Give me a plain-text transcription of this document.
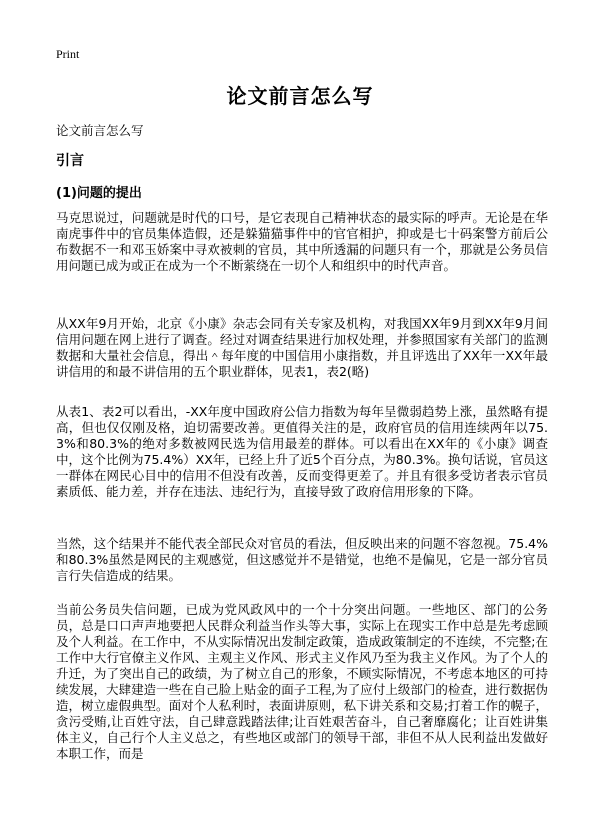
Print
论文前言怎么写
论文前言怎么写
引言
(1)问题的提出

马克思说过，问题就是时代的口号，是它表现自己精神状态的最实际的呼声。无论是在华南虎事件中的官员集体造假，还是躲猫猫事件中的官官相护，抑或是七十码案警方前后公布数据不一和邓玉娇案中寻欢被刺的官员，其中所透漏的问题只有一个，那就是公务员信用问题已成为或正在成为一个不断萦绕在一切个人和组织中的时代声音。

从XX年9月开始，北京《小康》杂志会同有关专家及机构，对我国XX年9月到XX年9月间信用问题在网上进行了调查。经过对调查结果进行加权处理，并参照国家有关部门的监测数据和大量社会信息，得出＾每年度的中国信用小康指数，并且评选出了XX年一XX年最讲信用的和最不讲信用的五个职业群体，见表1，表2(略)

从表1、表2可以看出，-XX年度中国政府公信力指数为每年呈微弱趋势上涨，虽然略有提高，但也仅仅刚及格，迫切需要改善。更值得关注的是，政府官员的信用连续两年以75.3%和80.3%的绝对多数被网民选为信用最差的群体。可以看出在XX年的《小康》调查中，这个比例为75.4%）XX年，已经上升了近5个百分点，为80.3%。换句话说，官员这一群体在网民心目中的信用不但没有改善，反而变得更差了。并且有很多受访者表示官员素质低、能力差，并存在违法、违纪行为，直接导致了政府信用形象的下降。

当然，这个结果并不能代表全部民众对官员的看法，但反映出来的问题不容忽视。75.4%和80.3%虽然是网民的主观感觉，但这感觉并不是错觉，也绝不是偏见，它是一部分官员言行失信造成的结果。

当前公务员失信问题，已成为党风政风中的一个十分突出问题。一些地区、部门的公务员，总是口口声声地要把人民群众利益当作头等大事，实际上在现实工作中总是先考虑顾及个人利益。在工作中，不从实际情况出发制定政策，造成政策制定的不连续，不完整;在工作中大行官僚主义作风、主观主义作风、形式主义作风乃至为我主义作风。为了个人的升迁，为了突出自己的政绩，为了树立自己的形象，不顾实际情况，不考虑本地区的可持续发展，大肆建造一些在自己脸上贴金的面子工程,为了应付上级部门的检查，进行数据伪造，树立虚假典型。面对个人私利时，表面讲原则，私下讲关系和交易;打着工作的幌子，贪污受贿,让百姓守法，自己肆意践踏法律;让百姓艰苦奋斗，自己奢靡腐化；让百姓讲集体主义，自己行个人主义总之，有些地区或部门的领导干部，非但不从人民利益出发做好本职工作，而是
